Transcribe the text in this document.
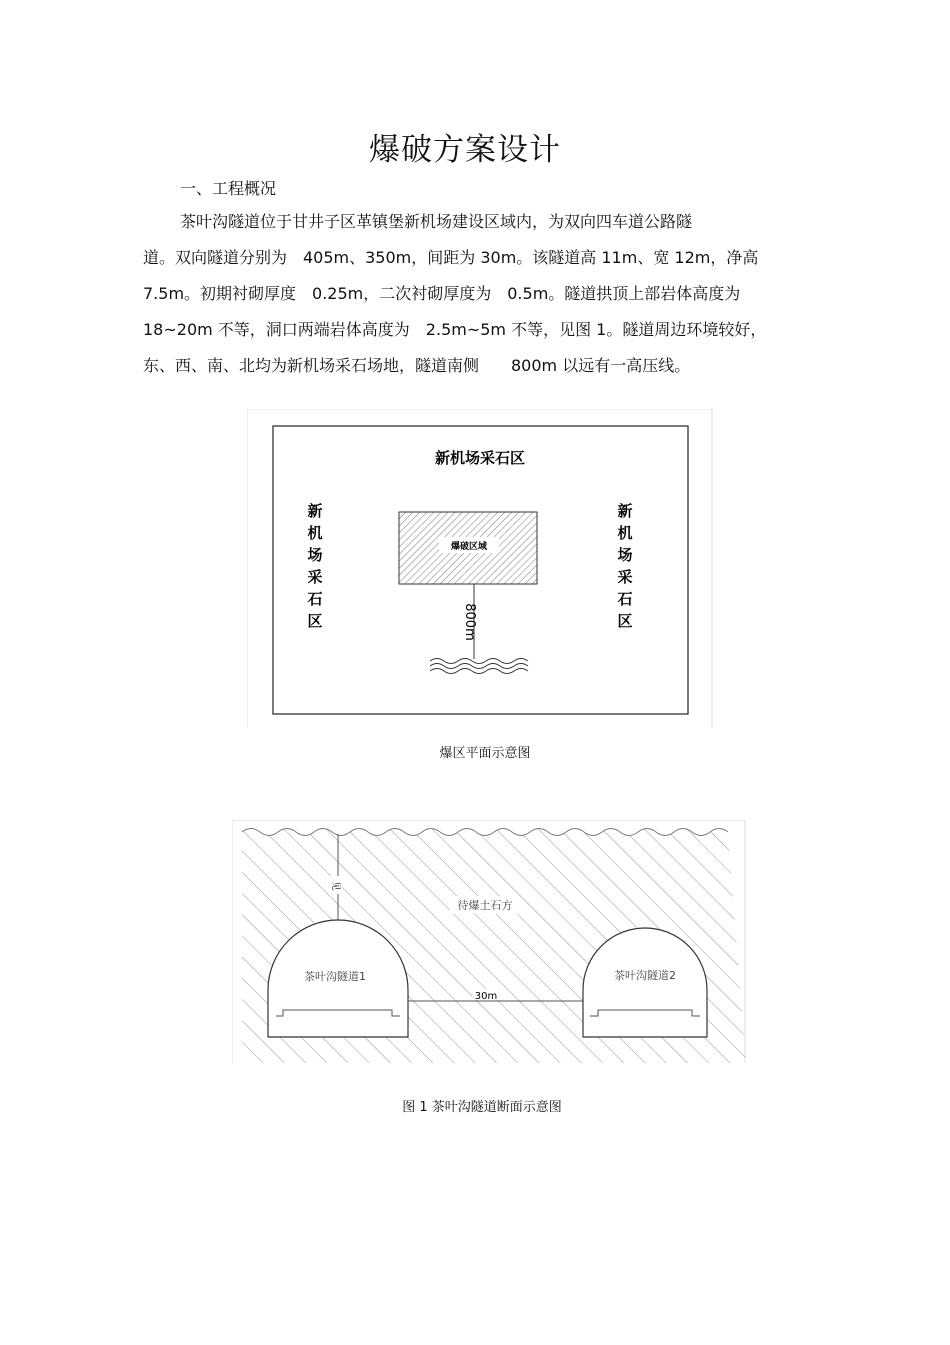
爆破方案设计
一、工程概况

茶叶沟隧道位于甘井子区革镇堡新机场建设区域内，为双向四车道公路隧

道。双向隧道分别为　405m、350m，间距为 30m。该隧道高 11m、宽 12m，净高

7.5m。初期衬砌厚度　0.25m，二次衬砌厚度为　0.5m。隧道拱顶上部岩体高度为

18~20m 不等，洞口两端岩体高度为　2.5m~5m 不等，见图 1。隧道周边环境较好，

东、西、南、北均为新机场采石场地，隧道南侧　　800m 以远有一高压线。

新机场采石区
新
机
场
采
石
区
新
机
场
采
石
区
爆破区域
800m
爆区平面示意图
见
待爆土石方
茶叶沟隧道1	茶叶沟隧道2
30m
图 1 茶叶沟隧道断面示意图
